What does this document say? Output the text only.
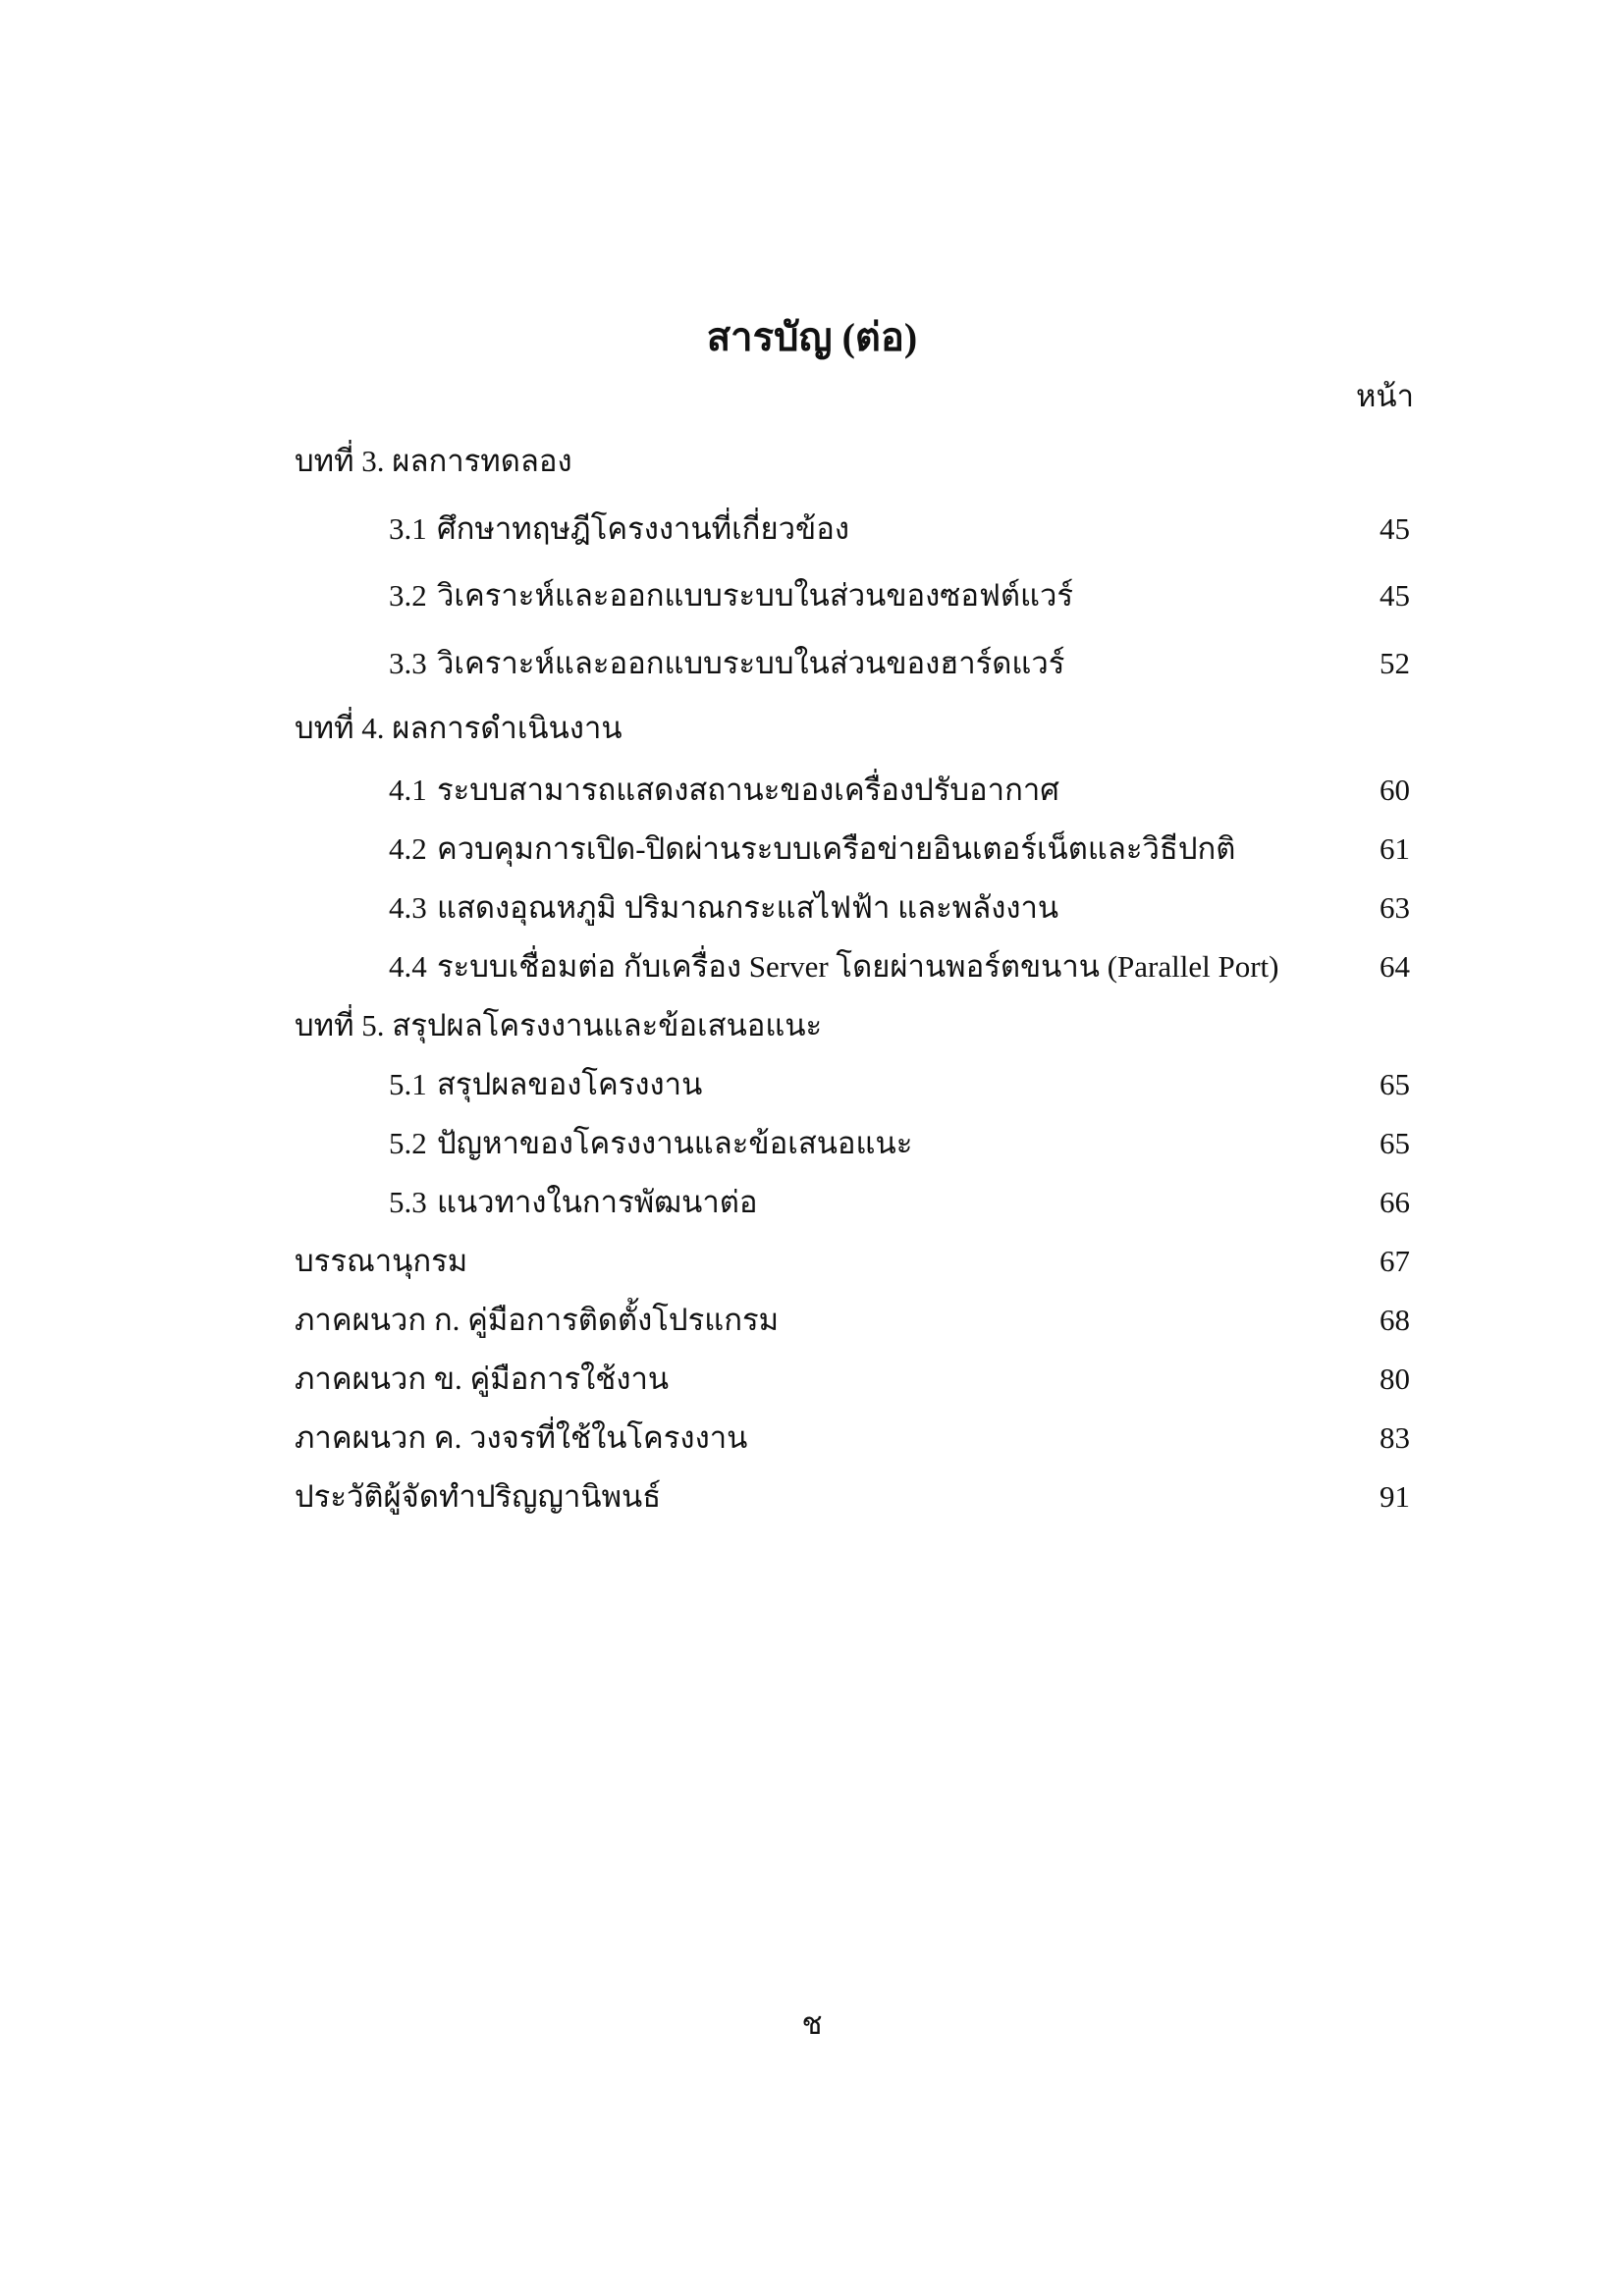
สารบัญ (ต่อ)
หน้า
บทที่ 3. ผลการทดลอง
3.1 ศึกษาทฤษฎีโครงงานที่เกี่ยวข้อง	45
3.2 วิเคราะห์และออกแบบระบบในส่วนของซอฟต์แวร์	45
3.3 วิเคราะห์และออกแบบระบบในส่วนของฮาร์ดแวร์	52
บทที่ 4. ผลการดำเนินงาน
4.1 ระบบสามารถแสดงสถานะของเครื่องปรับอากาศ	60
4.2 ควบคุมการเปิด-ปิดผ่านระบบเครือข่ายอินเตอร์เน็ตและวิธีปกติ	61
4.3 แสดงอุณหภูมิ ปริมาณกระแสไฟฟ้า และพลังงาน	63
4.4 ระบบเชื่อมต่อ กับเครื่อง Server โดยผ่านพอร์ตขนาน (Parallel Port)	64
บทที่ 5. สรุปผลโครงงานและข้อเสนอแนะ
5.1 สรุปผลของโครงงาน	65
5.2 ปัญหาของโครงงานและข้อเสนอแนะ	65
5.3 แนวทางในการพัฒนาต่อ	66
บรรณานุกรม	67
ภาคผนวก ก. คู่มือการติดตั้งโปรแกรม	68
ภาคผนวก ข. คู่มือการใช้งาน	80
ภาคผนวก ค. วงจรที่ใช้ในโครงงาน	83
ประวัติผู้จัดทำปริญญานิพนธ์	91
ช
